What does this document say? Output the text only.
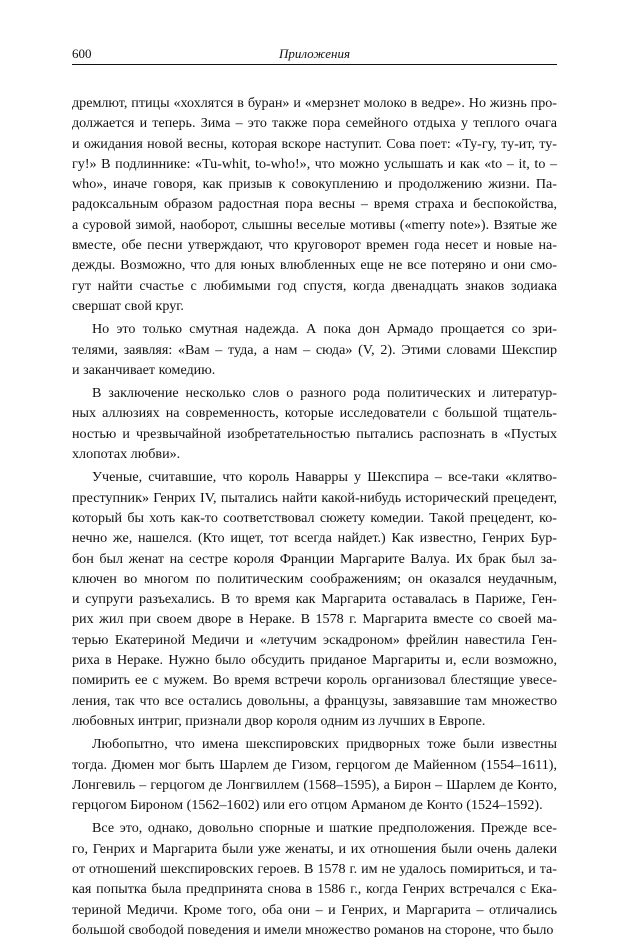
600	Приложения
дремлют, птицы «хохлятся в буран» и «мерзнет молоко в ведре». Но жизнь про-
должается и теперь. Зима – это также пора семейного отдыха у теплого очага
и ожидания новой весны, которая вскоре наступит. Сова поет: «Ту-гу, ту-ит, ту-
гу!» В подлиннике: «Tu-whit, to-who!», что можно услышать и как «to – it, to –
who», иначе говоря, как призыв к совокуплению и продолжению жизни. Па-
радоксальным образом радостная пора весны – время страха и беспокойства,
а суровой зимой, наоборот, слышны веселые мотивы («merry note»). Взятые же
вместе, обе песни утверждают, что круговорот времен года несет и новые на-
дежды. Возможно, что для юных влюбленных еще не все потеряно и они смо-
гут найти счастье с любимыми год спустя, когда двенадцать знаков зодиака
свершат свой круг.
Но это только смутная надежда. А пока дон Армадо прощается со зри-
телями, заявляя: «Вам – туда, а нам – сюда» (V, 2). Этими словами Шекспир
и заканчивает комедию.
В заключение несколько слов о разного рода политических и литератур-
ных аллюзиях на современность, которые исследователи с большой тщатель-
ностью и чрезвычайной изобретательностью пытались распознать в «Пустых
хлопотах любви».
Ученые, считавшие, что король Наварры у Шекспира – все-таки «клятво-
преступник» Генрих IV, пытались найти какой-нибудь исторический прецедент,
который бы хоть как-то соответствовал сюжету комедии. Такой прецедент, ко-
нечно же, нашелся. (Кто ищет, тот всегда найдет.) Как известно, Генрих Бур-
бон был женат на сестре короля Франции Маргарите Валуа. Их брак был за-
ключен во многом по политическим соображениям; он оказался неудачным,
и супруги разъехались. В то время как Маргарита оставалась в Париже, Ген-
рих жил при своем дворе в Нераке. В 1578 г. Маргарита вместе со своей ма-
терью Екатериной Медичи и «летучим эскадроном» фрейлин навестила Ген-
риха в Нераке. Нужно было обсудить приданое Маргариты и, если возможно,
помирить ее с мужем. Во время встречи король организовал блестящие увесе-
ления, так что все остались довольны, а французы, завязавшие там множество
любовных интриг, признали двор короля одним из лучших в Европе.
Любопытно, что имена шекспировских придворных тоже были известны
тогда. Дюмен мог быть Шарлем де Гизом, герцогом де Майенном (1554–1611),
Лонгевиль – герцогом де Лонгвиллем (1568–1595), а Бирон – Шарлем де Конто,
герцогом Бироном (1562–1602) или его отцом Арманом де Конто (1524–1592).
Все это, однако, довольно спорные и шаткие предположения. Прежде все-
го, Генрих и Маргарита были уже женаты, и их отношения были очень далеки
от отношений шекспировских героев. В 1578 г. им не удалось помириться, и та-
кая попытка была предпринята снова в 1586 г., когда Генрих встречался с Ека-
териной Медичи. Кроме того, оба они – и Генрих, и Маргарита – отличались
большой свободой поведения и имели множество романов на стороне, что было
